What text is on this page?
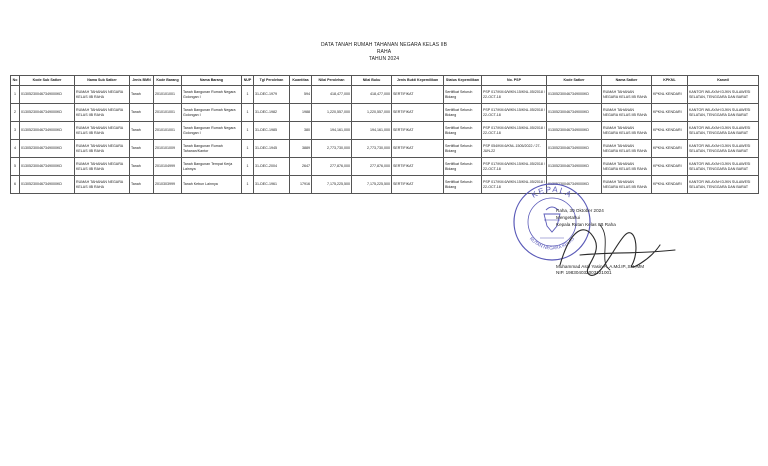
DATA TANAH RUMAH TAHANAN NEGARA KELAS IIB
RAHA
TAHUN 2024
No	Kode Sub Satker	Nama Sub Satker	Jenis BMN	Kode Barang	Nama Barang	NUP	Tgl Perolehan	Kuantitas	Nilai Perolehan	Nilai Buku	Jenis Bukti Kepemilikan	Status Kepemilikan	No. PSP	Kode Satker	Nama Satker	KPKNL	Kanwil
1	013052300467349000KD	RUMAH TAHANAN NEGARA KELAS IIB RAHA	Tanah	2010101001	Tanah Bangunan Rumah Negara Golongan I	1	31-DEC-1979	594	418,477,000	418,477,000	SERTIFIKAT	Sertifikat Seluruh Bidang	PSP 017/KM.6/WKN.15/KNL.05/2018 / 22-OCT-18	013052300467349000KD	RUMAH TAHANAN NEGARA KELAS IIB RAHA	KPKNL KENDARI	KANTOR WILAYAH DJKN SULAWESI SELATAN, TENGGARA DAN BARAT
2	013052300467349000KD	RUMAH TAHANAN NEGARA KELAS IIB RAHA	Tanah	2010101001	Tanah Bangunan Rumah Negara Golongan I	1	31-DEC-1982	1988	1,220,557,000	1,220,557,000	SERTIFIKAT	Sertifikat Seluruh Bidang	PSP 017/KM.6/WKN.15/KNL.05/2018 / 22-OCT-18	013052300467349000KD	RUMAH TAHANAN NEGARA KELAS IIB RAHA	KPKNL KENDARI	KANTOR WILAYAH DJKN SULAWESI SELATAN, TENGGARA DAN BARAT
3	013052300467349000KD	RUMAH TAHANAN NEGARA KELAS IIB RAHA	Tanah	2010101001	Tanah Bangunan Rumah Negara Golongan I	1	31-DEC-1985	380	194,161,000	194,161,000	SERTIFIKAT	Sertifikat Seluruh Bidang	PSP 017/KM.6/WKN.15/KNL.05/2018 / 22-OCT-18	013052300467349000KD	RUMAH TAHANAN NEGARA KELAS IIB RAHA	KPKNL KENDARI	KANTOR WILAYAH DJKN SULAWESI SELATAN, TENGGARA DAN BARAT
4	013052300467349000KD	RUMAH TAHANAN NEGARA KELAS IIB RAHA	Tanah	2010101009	Tanah Bangunan Rumah Tahanan/Kantor	1	31-DEC-1945	3889	2,773,730,000	2,773,730,000	SERTIFIKAT	Sertifikat Seluruh Bidang	PSP 054/KM.6/KNL.1505/2022 / 27-JUN-22	013052300467349000KD	RUMAH TAHANAN NEGARA KELAS IIB RAHA	KPKNL KENDARI	KANTOR WILAYAH DJKN SULAWESI SELATAN, TENGGARA DAN BARAT
5	013052300467349000KD	RUMAH TAHANAN NEGARA KELAS IIB RAHA	Tanah	2010104999	Tanah Bangunan Tempat Kerja Lainnya	1	31-DEC-2004	2647	277,876,000	277,876,000	SERTIFIKAT	Sertifikat Seluruh Bidang	PSP 017/KM.6/WKN.15/KNL.05/2018 / 22-OCT-18	013052300467349000KD	RUMAH TAHANAN NEGARA KELAS IIB RAHA	KPKNL KENDARI	KANTOR WILAYAH DJKN SULAWESI SELATAN, TENGGARA DAN BARAT
6	013052300467349000KD	RUMAH TAHANAN NEGARA KELAS IIB RAHA	Tanah	2010303999	Tanah Kebun Lainnya	1	31-DEC-1961	17916	7,175,225,500	7,175,225,500	SERTIFIKAT	Sertifikat Seluruh Bidang	PSP 017/KM.6/WKN.15/KNL.05/2018 / 22-OCT-18	013052300467349000KD	RUMAH TAHANAN NEGARA KELAS IIB RAHA	KPKNL KENDARI	KANTOR WILAYAH DJKN SULAWESI SELATAN, TENGGARA DAN BARAT
KEPALA
RUTAN NEGARA KELAS
Raha, 30 Oktober 2024
Mengetahui
Kepala Rutan Kelas IIB Raha
Muhammad Asril Yasin A.,A.Md.IP.,SH.,MM
NIP. 198304032003121001
